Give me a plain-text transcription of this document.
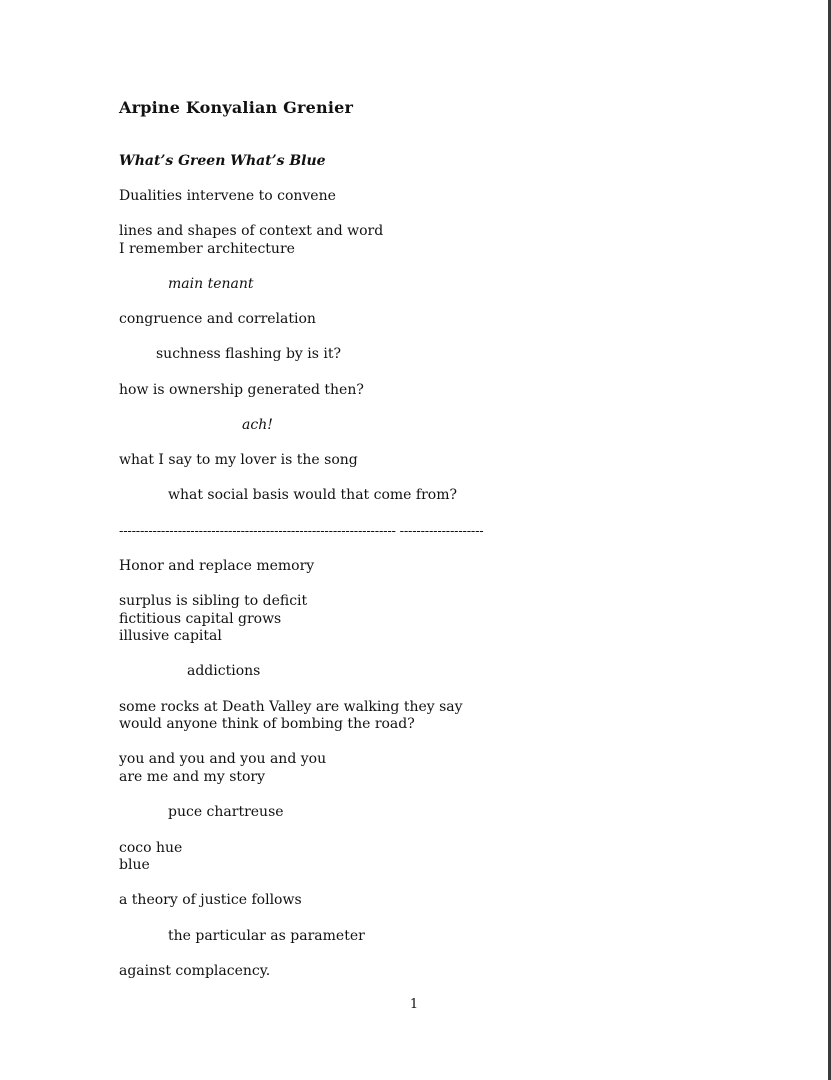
Arpine Konyalian Grenier
What’s Green What’s Blue
Dualities intervene to convene
lines and shapes of context and word
I remember architecture
main tenant
congruence and correlation
suchness flashing by is it?
how is ownership generated then?
ach!
what I say to my lover is the song
what social basis would that come from?
------------------------------------------------------------------ --------------------
Honor and replace memory
surplus is sibling to deficit
fictitious capital grows
illusive capital
addictions
some rocks at Death Valley are walking they say
would anyone think of bombing the road?
you and you and you and you
are me and my story
puce chartreuse
coco hue
blue
a theory of justice follows
the particular as parameter
against complacency.
1
